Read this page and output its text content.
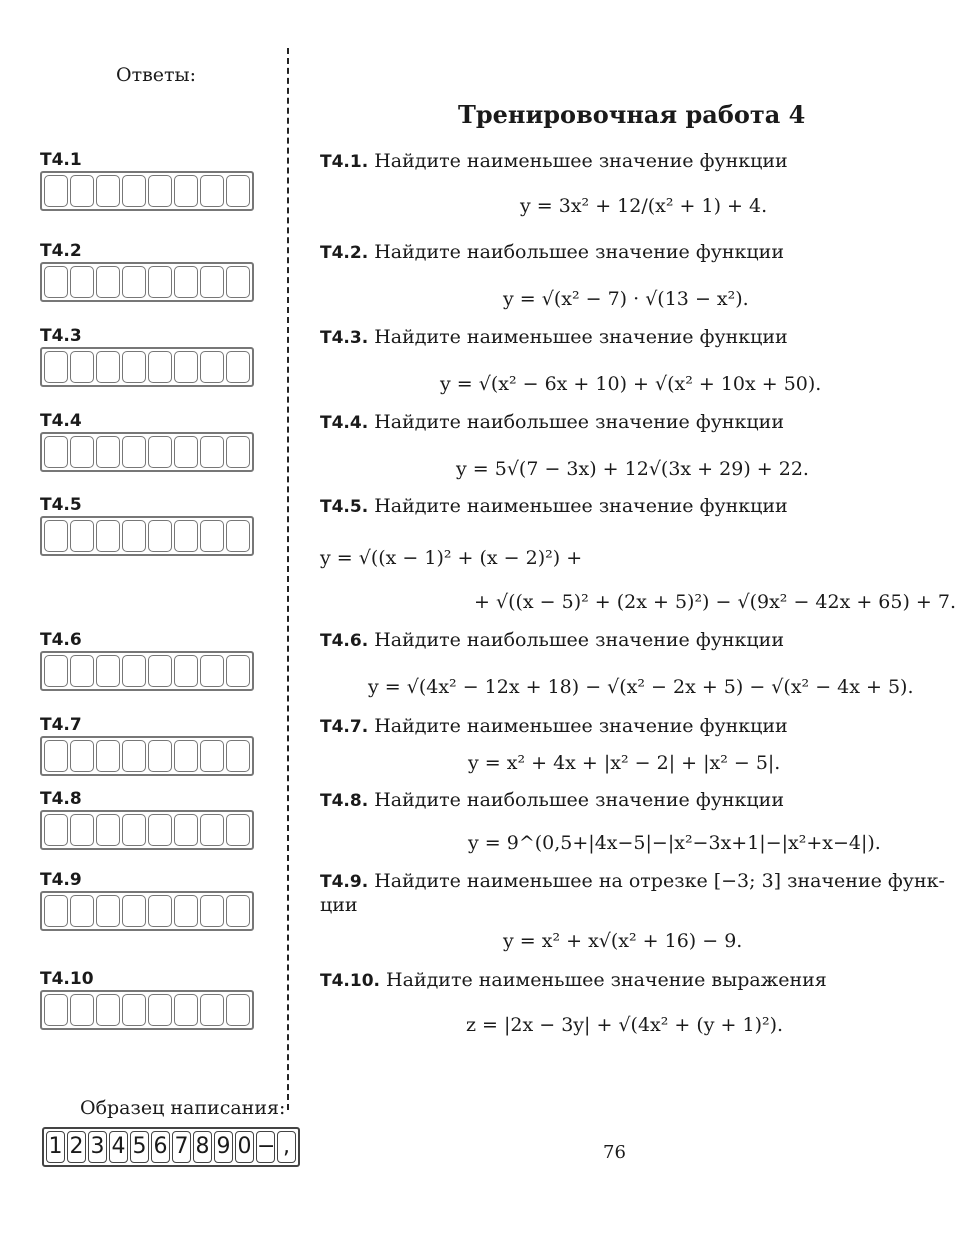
Ответы:
Тренировочная работа 4
T4.1
T4.2
T4.3
T4.4
T4.5
T4.6
T4.7
T4.8
T4.9
T4.10
T4.1. Найдите наименьшее значение функции
y = 3x² + 12/(x² + 1) + 4.
T4.2. Найдите наибольшее значение функции
y = √(x² − 7) · √(13 − x²).
T4.3. Найдите наименьшее значение функции
y = √(x² − 6x + 10) + √(x² + 10x + 50).
T4.4. Найдите наибольшее значение функции
y = 5√(7 − 3x) + 12√(3x + 29) + 22.
T4.5. Найдите наименьшее значение функции
y = √((x − 1)² + (x − 2)²) +
+ √((x − 5)² + (2x + 5)²) − √(9x² − 42x + 65) + 7.
T4.6. Найдите наибольшее значение функции
y = √(4x² − 12x + 18) − √(x² − 2x + 5) − √(x² − 4x + 5).
T4.7. Найдите наименьшее значение функции
y = x² + 4x + |x² − 2| + |x² − 5|.
T4.8. Найдите наибольшее значение функции
y = 9^(0,5+|4x−5|−|x²−3x+1|−|x²+x−4|).
T4.9. Найдите наименьшее на отрезке [−3; 3] значение функ-
ции
y = x² + x√(x² + 16) − 9.
T4.10. Найдите наименьшее значение выражения
z = |2x − 3y| + √(4x² + (y + 1)²).
Образец написания:
1 2 3 4 5 6 7 8 9 0 − ,	76
